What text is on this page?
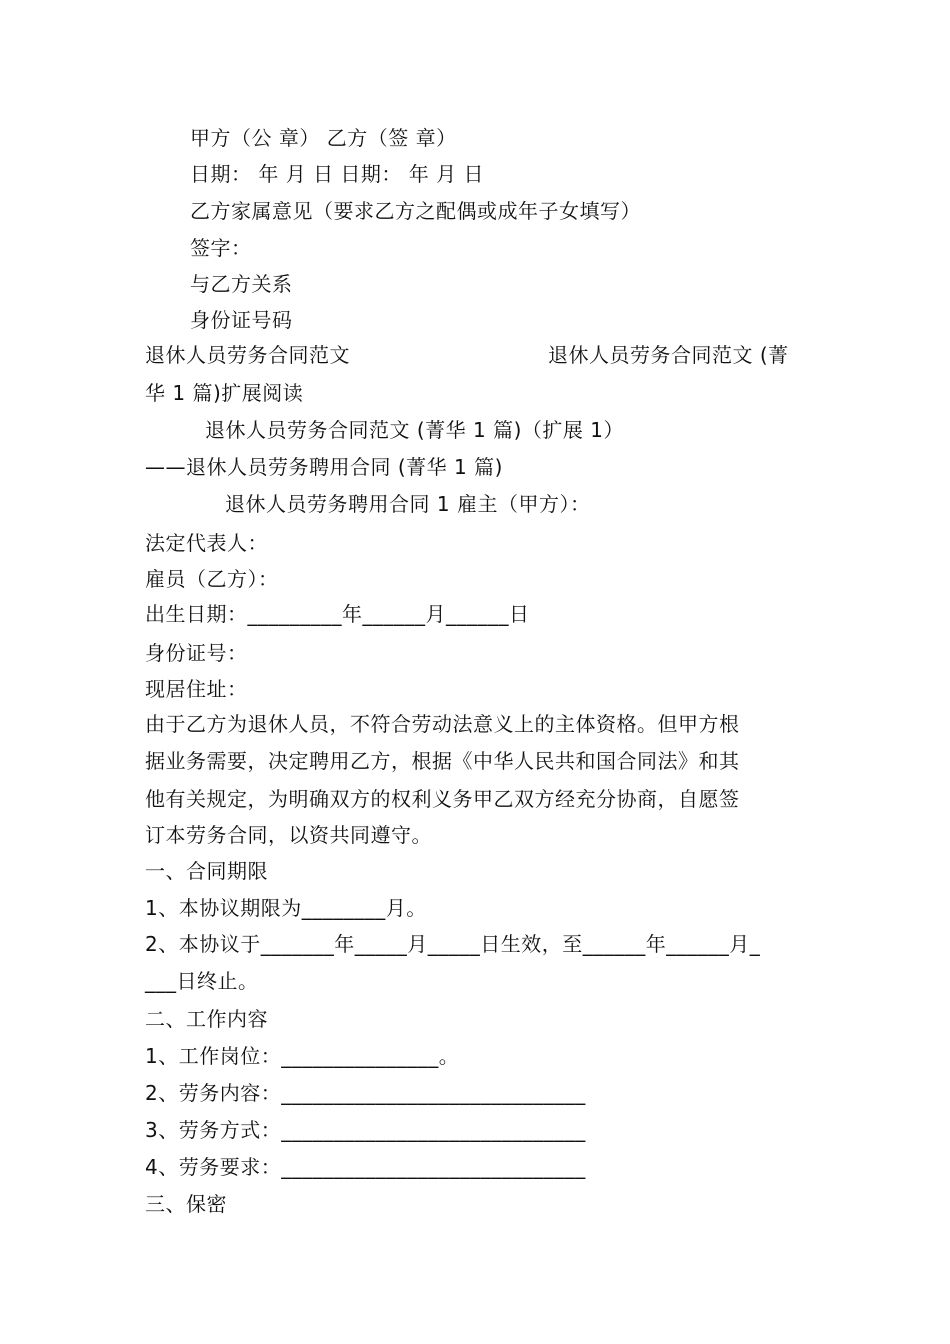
甲方（公 章） 乙方（签 章）
日期： 年 月 日 日期： 年 月 日
乙方家属意见（要求乙方之配偶或成年子女填写）
签字：
与乙方关系
身份证号码
退休人员劳务合同范文	退休人员劳务合同范文 (菁
华 1 篇)扩展阅读
退休人员劳务合同范文 (菁华 1 篇)（扩展 1）
——退休人员劳务聘用合同 (菁华 1 篇)
退休人员劳务聘用合同 1 雇主（甲方）：
法定代表人：
雇员（乙方）：
出生日期：_________年______月______日
身份证号：
现居住址：
由于乙方为退休人员，不符合劳动法意义上的主体资格。但甲方根
据业务需要，决定聘用乙方，根据《中华人民共和国合同法》和其
他有关规定，为明确双方的权利义务甲乙双方经充分协商，自愿签
订本劳务合同，以资共同遵守。
一、合同期限
1、本协议期限为________月。
2、本协议于_______年_____月_____日生效，至______年______月_
___日终止。
二、工作内容
1、工作岗位：_______________。
2、劳务内容：_____________________________
3、劳务方式：_____________________________
4、劳务要求：_____________________________
三、保密
